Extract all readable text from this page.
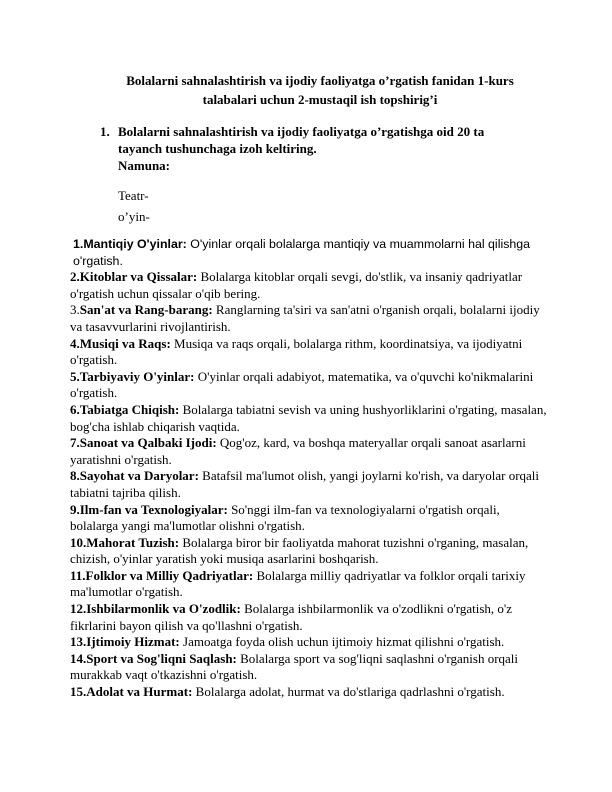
Bolalarni sahnalashtirish va ijodiy faoliyatga o’rgatish fanidan 1-kurs
talabalari uchun 2-mustaqil ish topshirig’i
1. Bolalarni sahnalashtirish va ijodiy faoliyatga o’rgatishga oid 20 ta
tayanch tushunchaga izoh keltiring.
Namuna:
Teatr-
o’yin-

1.Mantiqiy O'yinlar: O'yinlar orqali bolalarga mantiqiy va muammolarni hal qilishga o'rgatish.

2.Kitoblar va Qissalar: Bolalarga kitoblar orqali sevgi, do'stlik, va insaniy qadriyatlar o'rgatish uchun qissalar o'qib bering.

3.San'at va Rang-barang: Ranglarning ta'siri va san'atni o'rganish orqali, bolalarni ijodiy va tasavvurlarini rivojlantirish.

4.Musiqi va Raqs: Musiqa va raqs orqali, bolalarga rithm, koordinatsiya, va ijodiyatni o'rgatish.

5.Tarbiyaviy O'yinlar: O'yinlar orqali adabiyot, matematika, va o'quvchi ko'nikmalarini o'rgatish.

6.Tabiatga Chiqish: Bolalarga tabiatni sevish va uning hushyorliklarini o'rgating, masalan, bog'cha ishlab chiqarish vaqtida.

7.Sanoat va Qalbaki Ijodi: Qog'oz, kard, va boshqa materyallar orqali sanoat asarlarni yaratishni o'rgatish.

8.Sayohat va Daryolar: Batafsil ma'lumot olish, yangi joylarni ko'rish, va daryolar orqali tabiatni tajriba qilish.

9.Ilm-fan va Texnologiyalar: So'nggi ilm-fan va texnologiyalarni o'rgatish orqali, bolalarga yangi ma'lumotlar olishni o'rgatish.

10.Mahorat Tuzish: Bolalarga biror bir faoliyatda mahorat tuzishni o'rganing, masalan, chizish, o'yinlar yaratish yoki musiqa asarlarini boshqarish.

11.Folklor va Milliy Qadriyatlar: Bolalarga milliy qadriyatlar va folklor orqali tarixiy ma'lumotlar o'rgatish.

12.Ishbilarmonlik va O'zodlik: Bolalarga ishbilarmonlik va o'zodlikni o'rgatish, o'z fikrlarini bayon qilish va qo'llashni o'rgatish.

13.Ijtimoiy Hizmat: Jamoatga foyda olish uchun ijtimoiy hizmat qilishni o'rgatish.

14.Sport va Sog'liqni Saqlash: Bolalarga sport va sog'liqni saqlashni o'rganish orqali murakkab vaqt o'tkazishni o'rgatish.

15.Adolat va Hurmat: Bolalarga adolat, hurmat va do'stlariga qadrlashni o'rgatish.
